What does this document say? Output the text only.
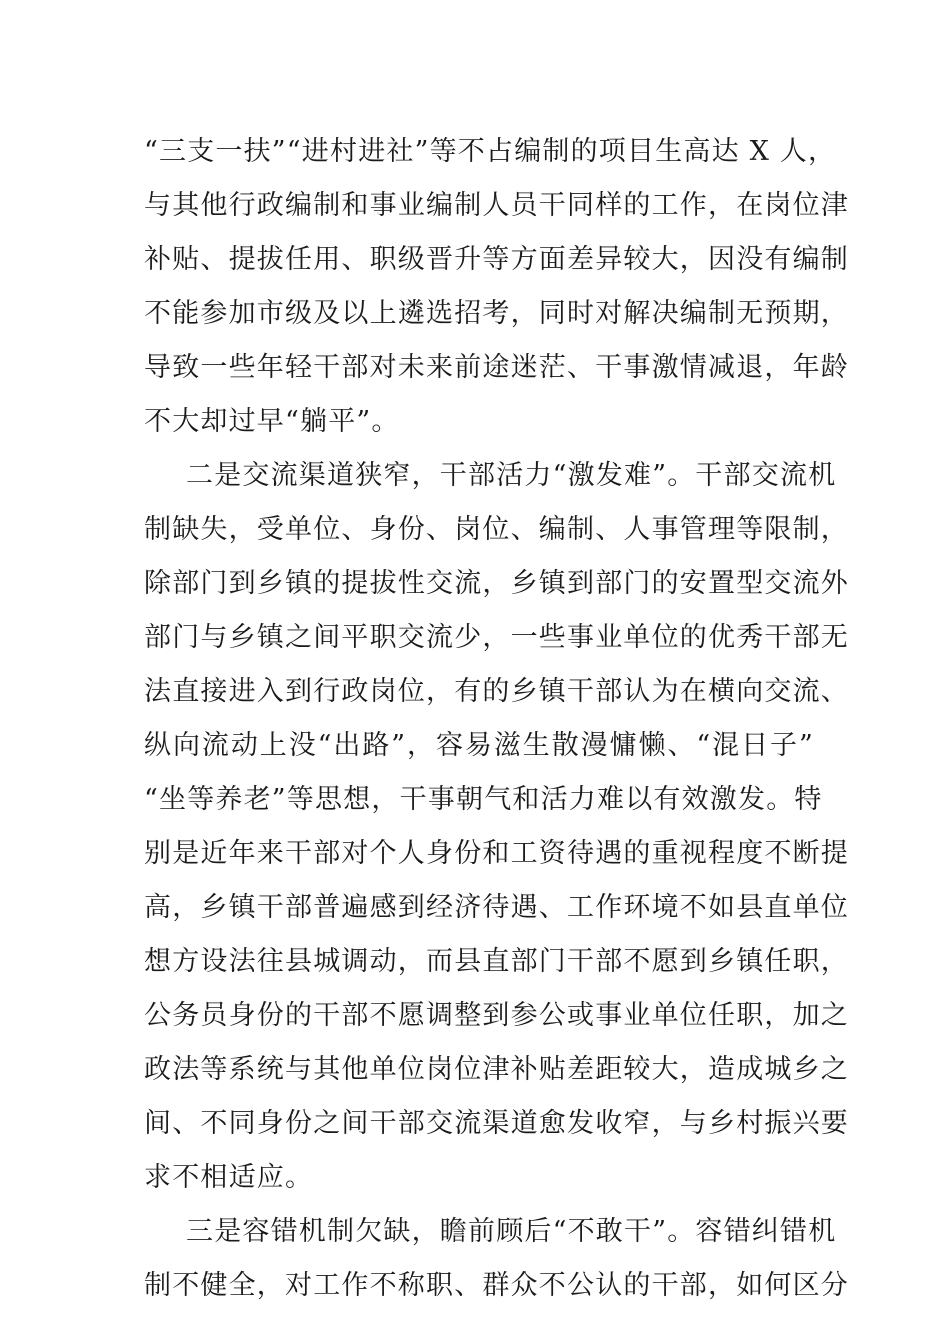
“三支一扶”“进村进社”等不占编制的项目生高达 X 人，
与其他行政编制和事业编制人员干同样的工作，在岗位津
补贴、提拔任用、职级晋升等方面差异较大，因没有编制
不能参加市级及以上遴选招考，同时对解决编制无预期，
导致一些年轻干部对未来前途迷茫、干事激情减退，年龄
不大却过早“躺平”。
二是交流渠道狭窄，干部活力“激发难”。干部交流机
制缺失，受单位、身份、岗位、编制、人事管理等限制，
除部门到乡镇的提拔性交流，乡镇到部门的安置型交流外
部门与乡镇之间平职交流少，一些事业单位的优秀干部无
法直接进入到行政岗位，有的乡镇干部认为在横向交流、
纵向流动上没“出路”，容易滋生散漫慵懒、“混日子”
“坐等养老”等思想，干事朝气和活力难以有效激发。特
别是近年来干部对个人身份和工资待遇的重视程度不断提
高，乡镇干部普遍感到经济待遇、工作环境不如县直单位
想方设法往县城调动，而县直部门干部不愿到乡镇任职，
公务员身份的干部不愿调整到参公或事业单位任职，加之
政法等系统与其他单位岗位津补贴差距较大，造成城乡之
间、不同身份之间干部交流渠道愈发收窄，与乡村振兴要
求不相适应。
三是容错机制欠缺，瞻前顾后“不敢干”。容错纠错机
制不健全，对工作不称职、群众不公认的干部，如何区分
